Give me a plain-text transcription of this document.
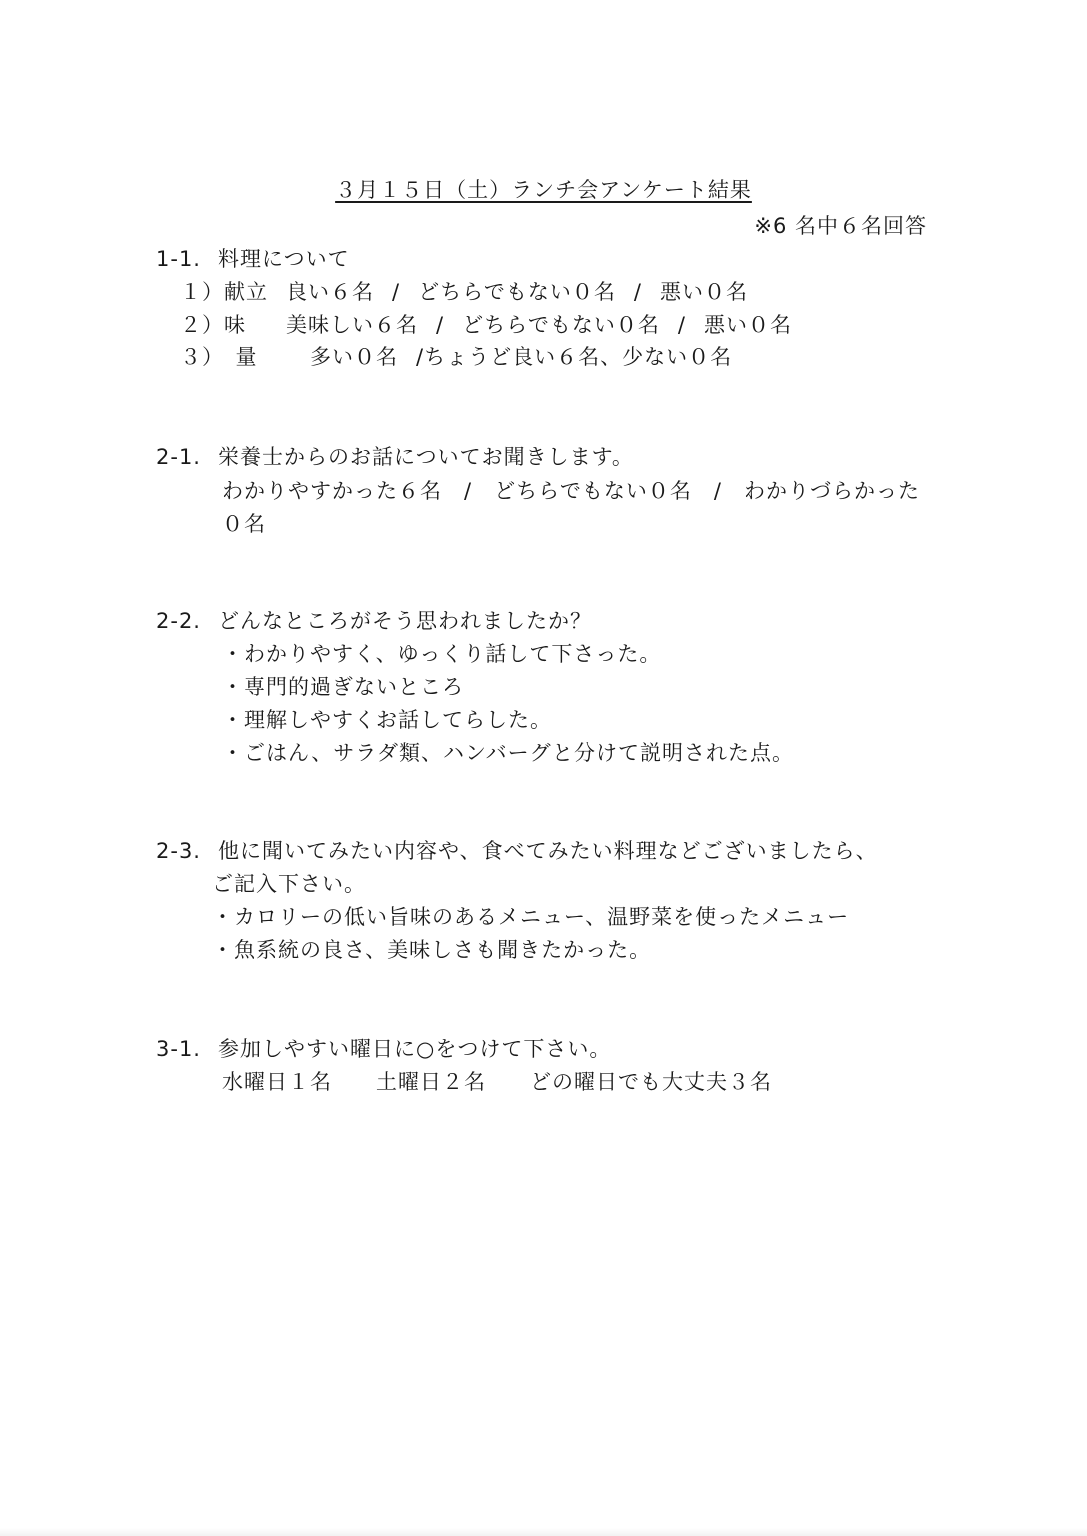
３月１５日（土）ランチ会アンケート結果
※6 名中６名回答
1-1. 料理について
１）献立 良い６名 / どちらでもない０名 / 悪い０名
２）味 美味しい６名 / どちらでもない０名 / 悪い０名
３）　量	多い０名 /ちょうど良い６名、少ない０名
2-1. 栄養士からのお話についてお聞きします。
わかりやすかった６名　/　どちらでもない０名　/　わかりづらかった
０名
2-2. どんなところがそう思われましたか？
・わかりやすく、ゆっくり話して下さった。
・専門的過ぎないところ
・理解しやすくお話してらした。
・ごはん、サラダ類、ハンバーグと分けて説明された点。
2-3. 他に聞いてみたい内容や、食べてみたい料理などございましたら、
ご記入下さい。
・カロリーの低い旨味のあるメニュー、温野菜を使ったメニュー
・魚系統の良さ、美味しさも聞きたかった。
3-1. 参加しやすい曜日に○をつけて下さい。
水曜日１名 土曜日２名 どの曜日でも大丈夫３名
